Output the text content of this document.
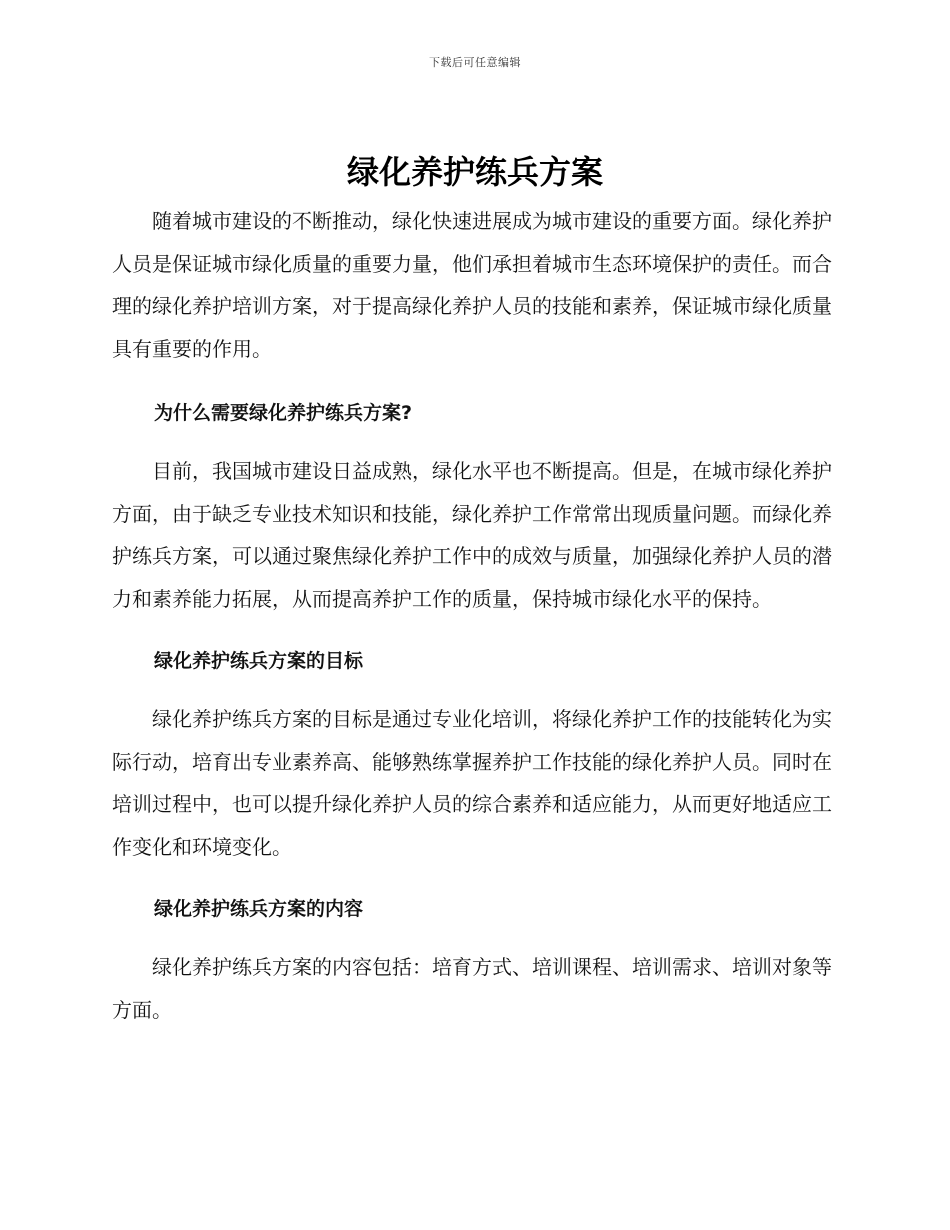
下载后可任意编辑
绿化养护练兵方案

随着城市建设的不断推动，绿化快速进展成为城市建设的重要方面。绿化养护人员是保证城市绿化质量的重要力量，他们承担着城市生态环境保护的责任。而合理的绿化养护培训方案，对于提高绿化养护人员的技能和素养，保证城市绿化质量具有重要的作用。

为什么需要绿化养护练兵方案?

目前，我国城市建设日益成熟，绿化水平也不断提高。但是，在城市绿化养护方面，由于缺乏专业技术知识和技能，绿化养护工作常常出现质量问题。而绿化养护练兵方案，可以通过聚焦绿化养护工作中的成效与质量，加强绿化养护人员的潜力和素养能力拓展，从而提高养护工作的质量，保持城市绿化水平的保持。

绿化养护练兵方案的目标

绿化养护练兵方案的目标是通过专业化培训，将绿化养护工作的技能转化为实际行动，培育出专业素养高、能够熟练掌握养护工作技能的绿化养护人员。同时在培训过程中，也可以提升绿化养护人员的综合素养和适应能力，从而更好地适应工作变化和环境变化。

绿化养护练兵方案的内容

绿化养护练兵方案的内容包括：培育方式、培训课程、培训需求、培训对象等方面。
